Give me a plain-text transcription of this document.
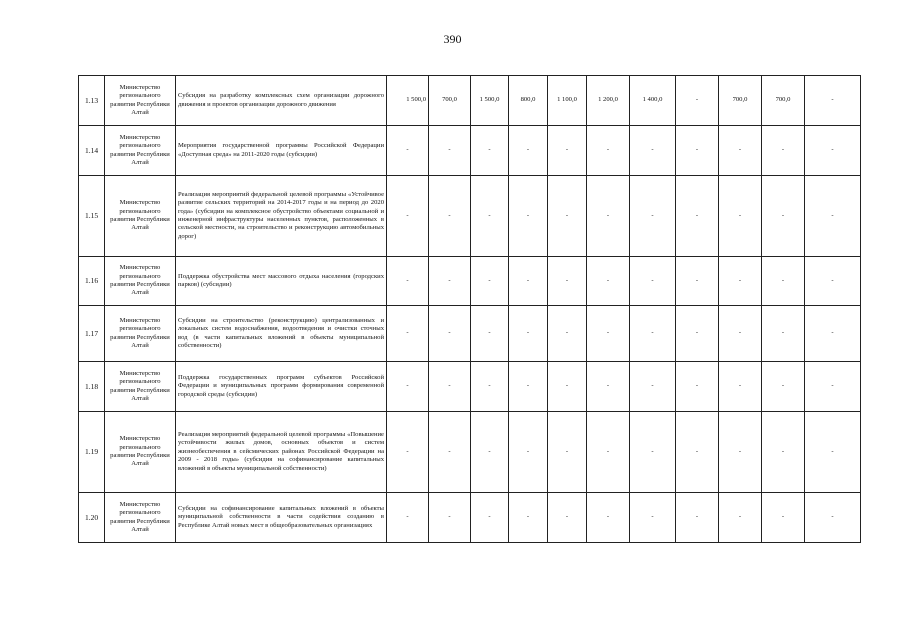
390
1.13	Министерство регионального развития Республики Алтай	Субсидия на разработку комплексных схем организации дорожного движения и проектов организации дорожного движения	1 500,0	700,0	1 500,0	800,0	1 100,0	1 200,0	1 400,0	-	700,0	700,0	-
1.14	Министерство регионального развития Республики Алтай	Мероприятия государственной программы Российской Федерации «Доступная среда» на 2011-2020 годы (субсидии)	-	-	-	-	-	-	-	-	-	-	-
1.15	Министерство регионального развития Республики Алтай	Реализация мероприятий федеральной целевой программы «Устойчивое развитие сельских территорий на 2014-2017 годы и на период до 2020 года» (субсидии на комплексное обустройство объектами социальной и инженерной инфраструктуры населенных пунктов, расположенных в сельской местности, на строительство и реконструкцию автомобильных дорог)	-	-	-	-	-	-	-	-	-	-	-
1.16	Министерство регионального развития Республики Алтай	Поддержка обустройства мест массового отдыха населения (городских парков) (субсидии)	-	-	-	-	-	-	-	-	-	-	-
1.17	Министерство регионального развития Республики Алтай	Субсидии на строительство (реконструкцию) централизованных и локальных систем водоснабжения, водоотведения и очистки сточных вод (в части капитальных вложений в объекты муниципальной собственности)	-	-	-	-	-	-	-	-	-	-	-
1.18	Министерство регионального развития Республики Алтай	Поддержка государственных программ субъектов Российской Федерации и муниципальных программ формирования современной городской среды (субсидии)	-	-	-	-	-	-	-	-	-	-	-
1.19	Министерство регионального развития Республики Алтай	Реализация мероприятий федеральной целевой программы «Повышение устойчивости жилых домов, основных объектов и систем жизнеобеспечения в сейсмических районах Российской Федерации на 2009 - 2018 годы» (субсидия на софинансирование капитальных вложений в объекты муниципальной собственности)	-	-	-	-	-	-	-	-	-	-	-
1.20	Министерство регионального развития Республики Алтай	Субсидии на софинансирование капитальных вложений в объекты муниципальной собственности в части содействия созданию в Республике Алтай новых мест в общеобразовательных организациях	-	-	-	-	-	-	-	-	-	-	-
